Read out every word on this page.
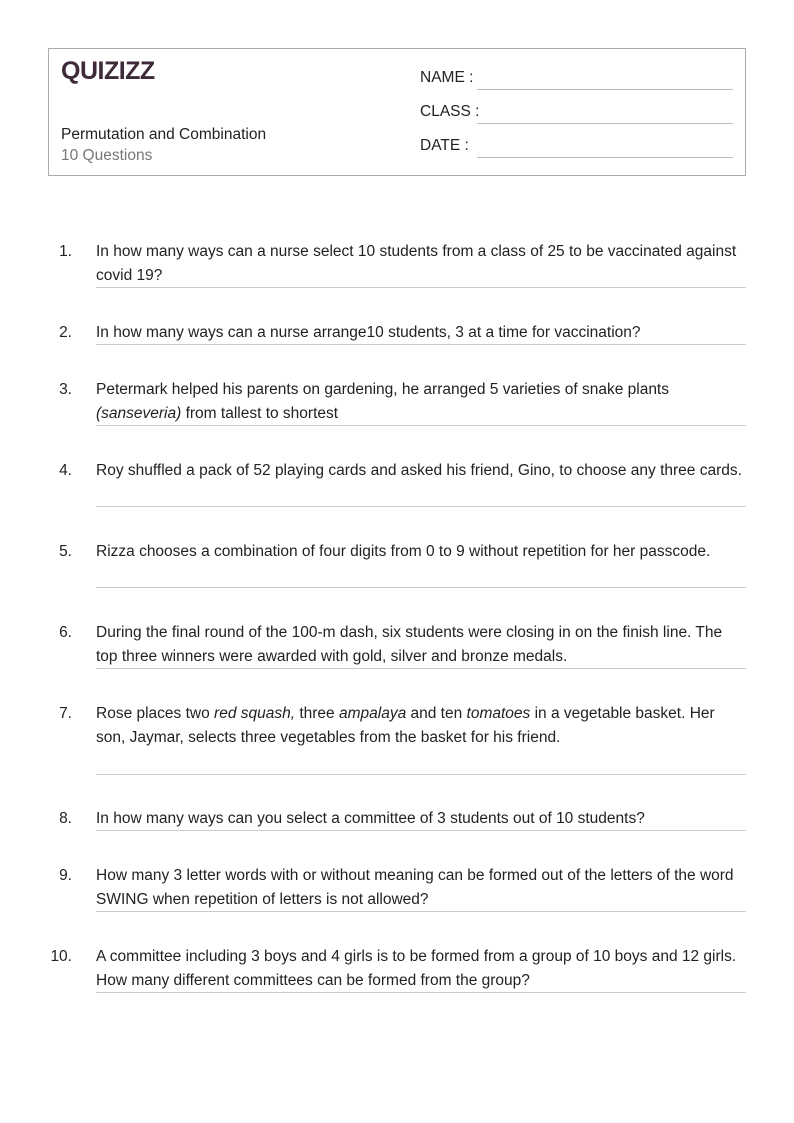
QUIZIZZ
Permutation and Combination
10 Questions
NAME :
CLASS :
DATE :
1. In how many ways can a nurse select 10 students from a class of 25 to be vaccinated against covid 19?
2. In how many ways can a nurse arrange10 students, 3 at a time for vaccination?
3. Petermark helped his parents on gardening, he arranged 5 varieties of snake plants (sanseveria) from tallest to shortest
4. Roy shuffled a pack of 52 playing cards and asked his friend, Gino, to choose any three cards.
5. Rizza chooses a combination of four digits from 0 to 9 without repetition for her passcode.
6. During the final round of the 100-m dash, six students were closing in on the finish line. The top three winners were awarded with gold, silver and bronze medals.
7. Rose places two red squash, three ampalaya and ten tomatoes in a vegetable basket. Her son, Jaymar, selects three vegetables from the basket for his friend.
8. In how many ways can you select a committee of 3 students out of 10 students?
9. How many 3 letter words with or without meaning can be formed out of the letters of the word SWING when repetition of letters is not allowed?
10. A committee including 3 boys and 4 girls is to be formed from a group of 10 boys and 12 girls. How many different committees can be formed from the group?
